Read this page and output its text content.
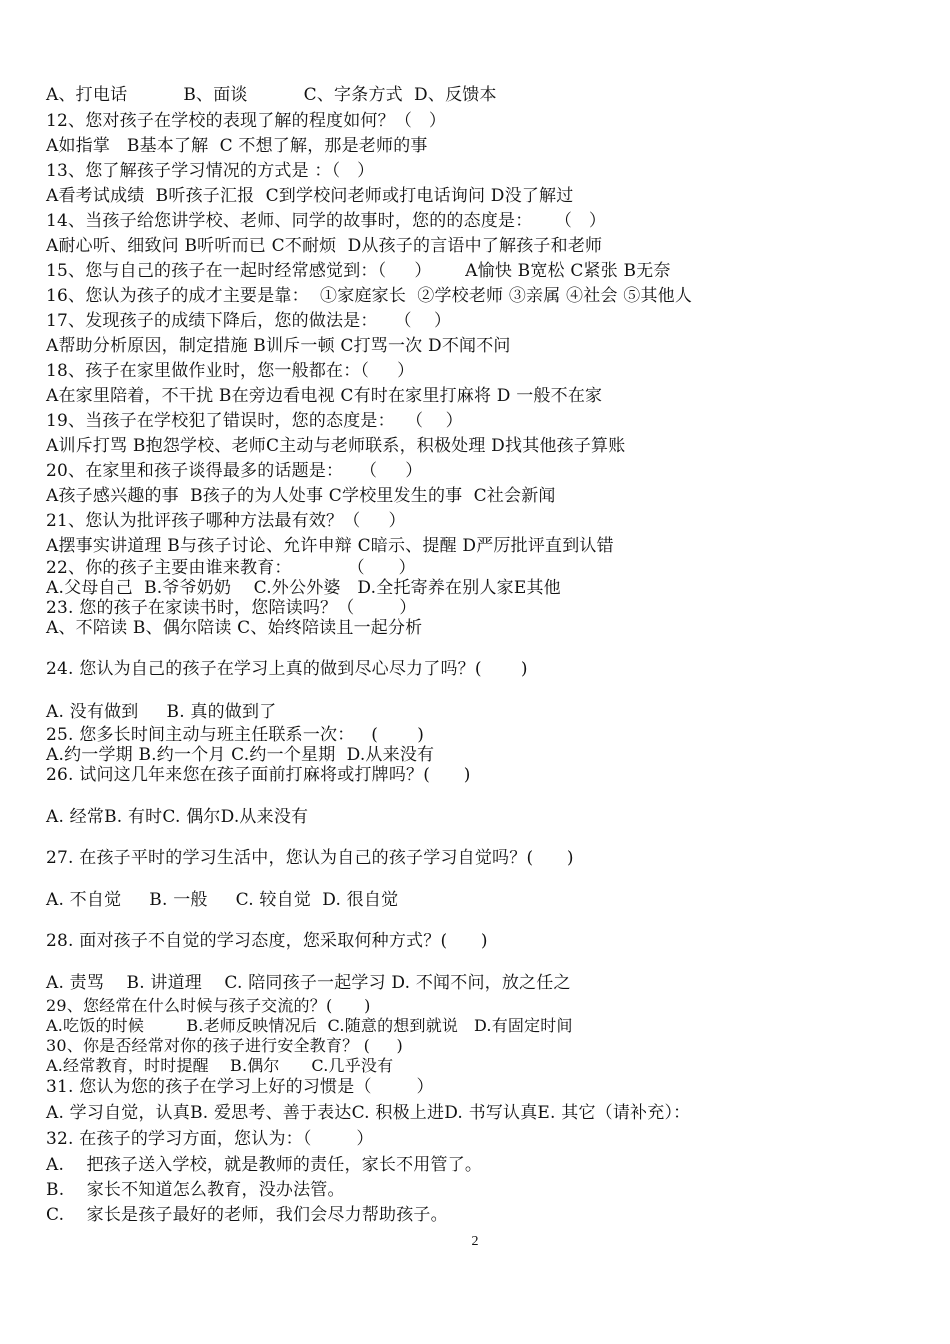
A、打电话          B、面谈          C、字条方式  D、反馈本
12、您对孩子在学校的表现了解的程度如何？（   ）
A如指掌   B基本了解  C 不想了解，那是老师的事
13、您了解孩子学习情况的方式是 ：（   ）
A看考试成绩  B听孩子汇报  C到学校问老师或打电话询问 D没了解过
14、当孩子给您讲学校、老师、同学的故事时，您的的态度是：    （   ）
A耐心听、细致问 B听听而已 C不耐烦  D从孩子的言语中了解孩子和老师
15、您与自己的孩子在一起时经常感觉到：（     ）      A愉快 B宽松 C紧张 B无奈
16、您认为孩子的成才主要是靠：  ①家庭家长  ②学校老师 ③亲属 ④社会 ⑤其他人
17、发现孩子的成绩下降后，您的做法是：   （    ）
A帮助分析原因，制定措施 B训斥一顿 C打骂一次 D不闻不问
18、孩子在家里做作业时，您一般都在：（     ）
A在家里陪着，不干扰 B在旁边看电视 C有时在家里打麻将 D 一般不在家
19、当孩子在学校犯了错误时，您的态度是：  （    ）
A训斥打骂 B抱怨学校、老师C主动与老师联系，积极处理 D找其他孩子算账
20、在家里和孩子谈得最多的话题是：   （     ）
A孩子感兴趣的事  B孩子的为人处事 C学校里发生的事  C社会新闻
21、您认为批评孩子哪种方法最有效？（     ）
A摆事实讲道理 B与孩子讨论、允许申辩 C暗示、提醒 D严厉批评直到认错
22、你的孩子主要由谁来教育：          （      ）
A.父母自己  B.爷爷奶奶    C.外公外婆   D.全托寄养在别人家E其他
23. 您的孩子在家读书时，您陪读吗？（        ）
A、不陪读 B、偶尔陪读 C、始终陪读且一起分析
24. 您认为自己的孩子在学习上真的做到尽心尽力了吗？(       )
A. 没有做到     B. 真的做到了
25. 您多长时间主动与班主任联系一次：   (       )
A.约一学期 B.约一个月 C.约一个星期  D.从来没有
26. 试问这几年来您在孩子面前打麻将或打牌吗？(      )
A. 经常B. 有时C. 偶尔D.从来没有
27. 在孩子平时的学习生活中，您认为自己的孩子学习自觉吗？(      )
A. 不自觉     B. 一般     C. 较自觉  D. 很自觉
28. 面对孩子不自觉的学习态度，您采取何种方式？(      )
A. 责骂    B. 讲道理    C. 陪同孩子一起学习 D. 不闻不问，放之任之
29、您经常在什么时候与孩子交流的？(      )
A.吃饭的时候        B.老师反映情况后  C.随意的想到就说   D.有固定时间
30、你是否经常对你的孩子进行安全教育？ (     )
A.经常教育，时时提醒    B.偶尔      C.几乎没有
31. 您认为您的孩子在学习上好的习惯是（        ）
A. 学习自觉，认真B. 爱思考、善于表达C. 积极上进D. 书写认真E. 其它（请补充）：
32. 在孩子的学习方面，您认为：（        ）
A.    把孩子送入学校，就是教师的责任，家长不用管了。
B.    家长不知道怎么教育，没办法管。
C.    家长是孩子最好的老师，我们会尽力帮助孩子。
2
